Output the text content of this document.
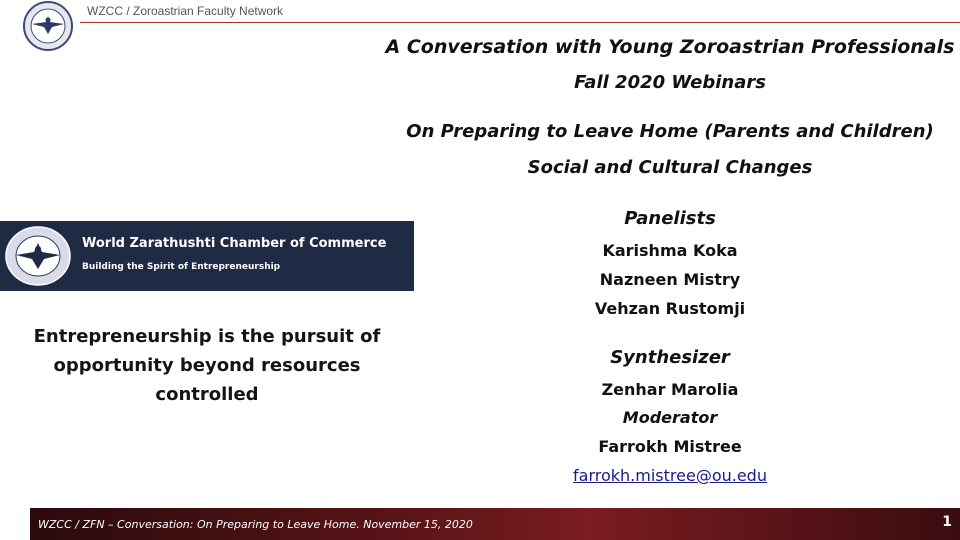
WZCC / Zoroastrian Faculty Network
A Conversation with Young Zoroastrian Professionals
Fall 2020 Webinars
On Preparing to Leave Home (Parents and Children)
Social and Cultural Changes
Panelists
Karishma Koka
Nazneen Mistry
Vehzan Rustomji
Synthesizer
Zenhar Marolia
Moderator
Farrokh Mistree
farrokh.mistree@ou.edu
World Zarathushti Chamber of Commerce
Building the Spirit of Entrepreneurship
Entrepreneurship is the pursuit of
opportunity beyond resources
controlled
WZCC / ZFN – Conversation: On Preparing to Leave Home. November 15, 2020	1
